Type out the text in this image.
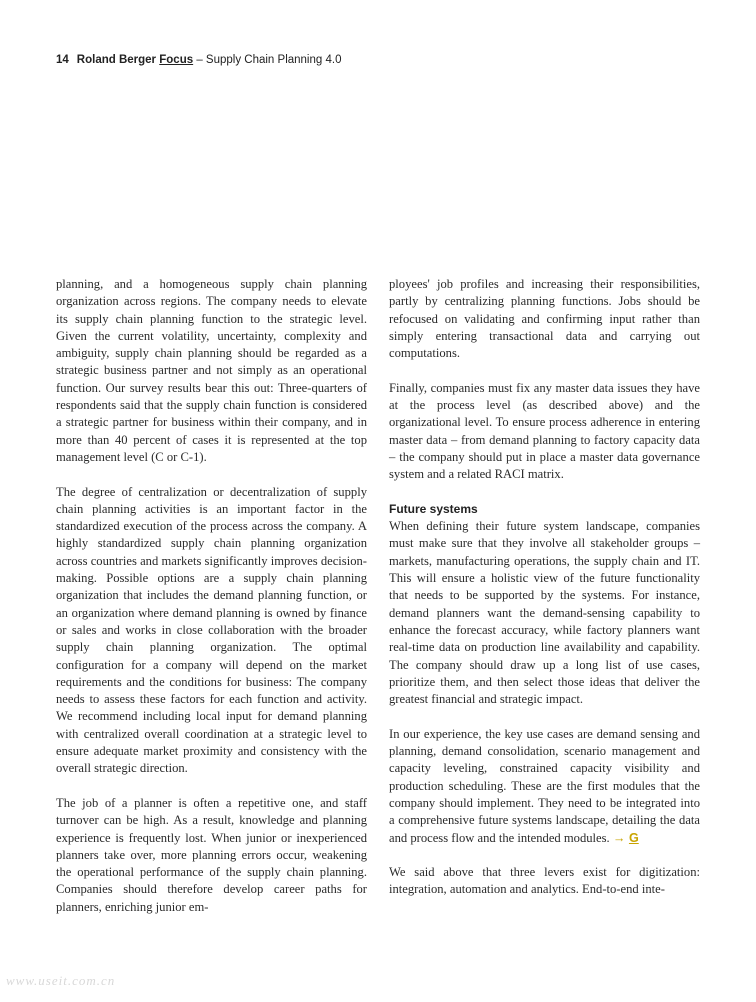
14 Roland Berger Focus – Supply Chain Planning 4.0

planning, and a homogeneous supply chain planning organization across regions. The company needs to elevate its supply chain planning function to the strategic level. Given the current volatility, uncertainty, complexity and ambiguity, supply chain planning should be regarded as a strategic business partner and not simply as an operational function. Our survey results bear this out: Three-quarters of respondents said that the supply chain function is considered a strategic partner for business within their company, and in more than 40 percent of cases it is represented at the top management level (C or C-1).

The degree of centralization or decentralization of supply chain planning activities is an important factor in the standardized execution of the process across the company. A highly standardized supply chain planning organization across countries and markets significantly improves decision-making. Possible options are a supply chain planning organization that includes the demand planning function, or an organization where demand planning is owned by finance or sales and works in close collaboration with the broader supply chain planning organization. The optimal configuration for a company will depend on the market requirements and the conditions for business: The company needs to assess these factors for each function and activity. We recommend including local input for demand planning with centralized overall coordination at a strategic level to ensure adequate market proximity and consistency with the overall strategic direction.

The job of a planner is often a repetitive one, and staff turnover can be high. As a result, knowledge and planning experience is frequently lost. When junior or inexperienced planners take over, more planning errors occur, weakening the operational performance of the supply chain planning. Companies should therefore develop career paths for planners, enriching junior em-

ployees' job profiles and increasing their responsibilities, partly by centralizing planning functions. Jobs should be refocused on validating and confirming input rather than simply entering transactional data and carrying out computations.

Finally, companies must fix any master data issues they have at the process level (as described above) and the organizational level. To ensure process adherence in entering master data – from demand planning to factory capacity data – the company should put in place a master data governance system and a related RACI matrix.

Future systems

When defining their future system landscape, companies must make sure that they involve all stakeholder groups – markets, manufacturing operations, the supply chain and IT. This will ensure a holistic view of the future functionality that needs to be supported by the systems. For instance, demand planners want the demand-sensing capability to enhance the forecast accuracy, while factory planners want real-time data on production line availability and capability. The company should draw up a long list of use cases, prioritize them, and then select those ideas that deliver the greatest financial and strategic impact.

In our experience, the key use cases are demand sensing and planning, demand consolidation, scenario management and capacity leveling, constrained capacity visibility and production scheduling. These are the first modules that the company should implement. They need to be integrated into a comprehensive future systems landscape, detailing the data and process flow and the intended modules. → G

We said above that three levers exist for digitization: integration, automation and analytics. End-to-end inte-

www.useit.com.cn
